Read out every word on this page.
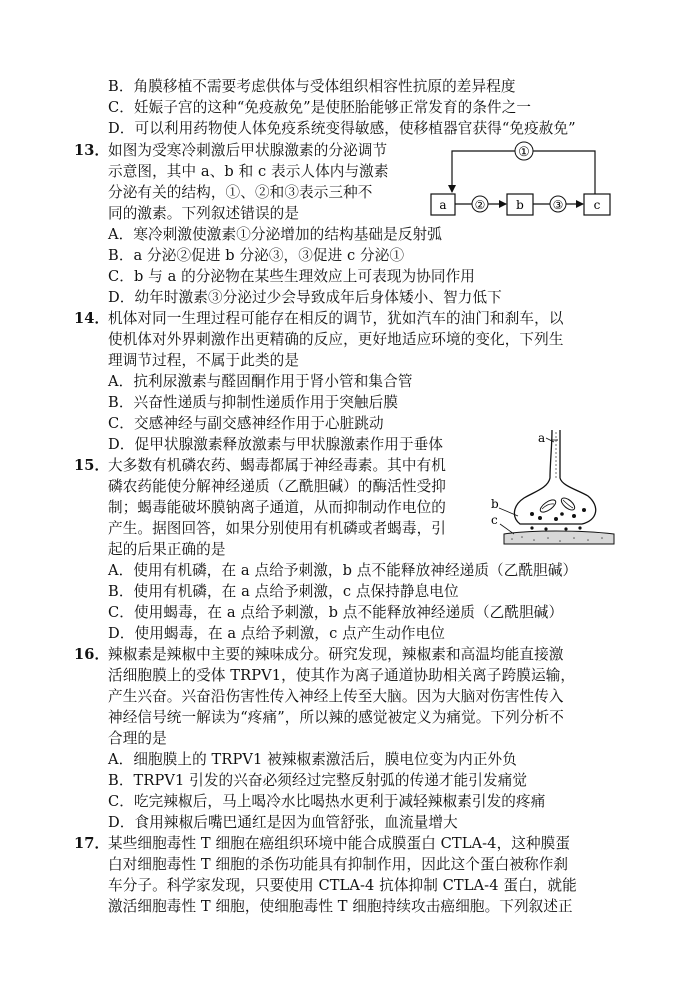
B．角膜移植不需要考虑供体与受体组织相容性抗原的差异程度
C．妊娠子宫的这种“免疫赦免”是使胚胎能够正常发育的条件之一
D．可以利用药物使人体免疫系统变得敏感，使移植器官获得“免疫赦免”
13．
如图为受寒冷刺激后甲状腺激素的分泌调节
示意图，其中 a、b 和 c 表示人体内与激素
分泌有关的结构，①、②和③表示三种不
同的激素。下列叙述错误的是
①
a ②	b ③	c
A．寒冷刺激使激素①分泌增加的结构基础是反射弧
B．a 分泌②促进 b 分泌③，③促进 c 分泌①
C．b 与 a 的分泌物在某些生理效应上可表现为协同作用
D．幼年时激素③分泌过少会导致成年后身体矮小、智力低下
14．
机体对同一生理过程可能存在相反的调节，犹如汽车的油门和刹车，以
使机体对外界刺激作出更精确的反应，更好地适应环境的变化，下列生
理调节过程，不属于此类的是
A．抗利尿激素与醛固酮作用于肾小管和集合管
B．兴奋性递质与抑制性递质作用于突触后膜
C．交感神经与副交感神经作用于心脏跳动
D．促甲状腺激素释放激素与甲状腺激素作用于垂体
15．
大多数有机磷农药、蝎毒都属于神经毒素。其中有机
磷农药能使分解神经递质（乙酰胆碱）的酶活性受抑
制；蝎毒能破坏膜钠离子通道，从而抑制动作电位的
产生。据图回答，如果分别使用有机磷或者蝎毒，引
起的后果正确的是
a
b
c
A．使用有机磷，在 a 点给予刺激，b 点不能释放神经递质（乙酰胆碱）
B．使用有机磷，在 a 点给予刺激，c 点保持静息电位
C．使用蝎毒，在 a 点给予刺激，b 点不能释放神经递质（乙酰胆碱）
D．使用蝎毒，在 a 点给予刺激，c 点产生动作电位
16．
辣椒素是辣椒中主要的辣味成分。研究发现，辣椒素和高温均能直接激
活细胞膜上的受体 TRPV1，使其作为离子通道协助相关离子跨膜运输，
产生兴奋。兴奋沿伤害性传入神经上传至大脑。因为大脑对伤害性传入
神经信号统一解读为“疼痛”，所以辣的感觉被定义为痛觉。下列分析不
合理的是
A．细胞膜上的 TRPV1 被辣椒素激活后，膜电位变为内正外负
B．TRPV1 引发的兴奋必须经过完整反射弧的传递才能引发痛觉
C．吃完辣椒后，马上喝冷水比喝热水更利于减轻辣椒素引发的疼痛
D．食用辣椒后嘴巴通红是因为血管舒张，血流量增大
17．
某些细胞毒性 T 细胞在癌组织环境中能合成膜蛋白 CTLA-4，这种膜蛋
白对细胞毒性 T 细胞的杀伤功能具有抑制作用，因此这个蛋白被称作刹
车分子。科学家发现，只要使用 CTLA-4 抗体抑制 CTLA-4 蛋白，就能
激活细胞毒性 T 细胞，使细胞毒性 T 细胞持续攻击癌细胞。下列叙述正
